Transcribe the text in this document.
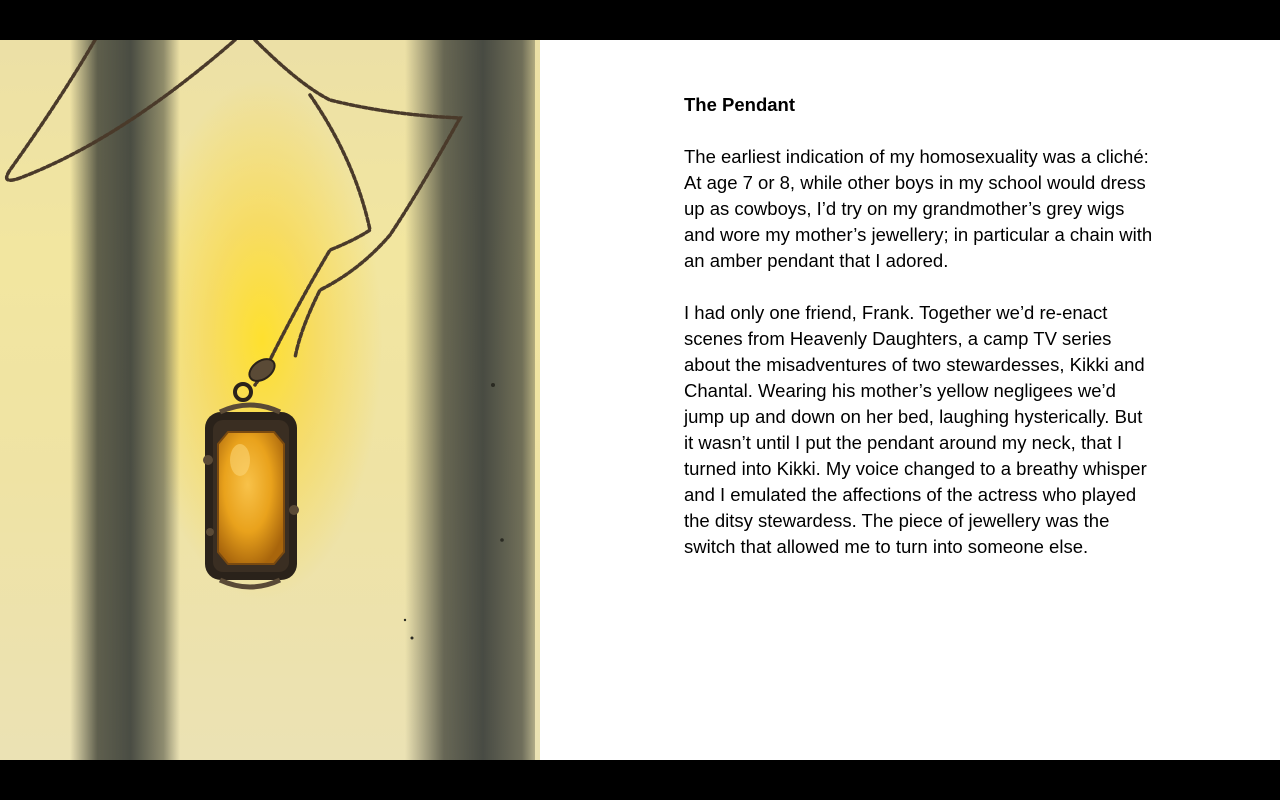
The Pendant

The earliest indication of my homosexuality was a cliché: At age 7 or 8, while other boys in my school would dress up as cowboys, I’d try on my grandmother’s grey wigs and wore my mother’s jewellery; in particular a chain with an amber pendant that I adored.

I had only one friend, Frank. Together we’d re-enact scenes from Heavenly Daughters, a camp TV series about the misadventures of two stewardesses, Kikki and Chantal. Wearing his mother’s yellow negligees we’d jump up and down on her bed, laughing hysterically. But it wasn’t until I put the pendant around my neck, that I turned into Kikki. My voice changed to a breathy whisper and I emulated the affections of the actress who played the ditsy stewardess. The piece of jewellery was the switch that allowed me to turn into someone else.
